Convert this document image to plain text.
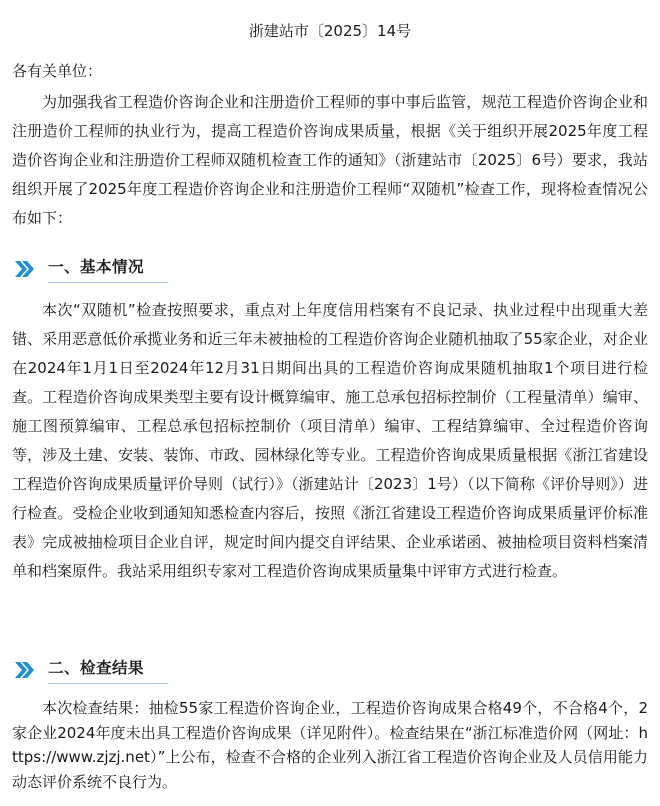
浙建站市〔2025〕14号
各有关单位：

为加强我省工程造价咨询企业和注册造价工程师的事中事后监管，规范工程造价咨询企业和注册造价工程师的执业行为，提高工程造价咨询成果质量，根据《关于组织开展2025年度工程造价咨询企业和注册造价工程师双随机检查工作的通知》（浙建站市〔2025〕6号）要求，我站组织开展了2025年度工程造价咨询企业和注册造价工程师“双随机”检查工作，现将检查情况公布如下：

一、基本情况

本次“双随机”检查按照要求，重点对上年度信用档案有不良记录、执业过程中出现重大差错、采用恶意低价承揽业务和近三年未被抽检的工程造价咨询企业随机抽取了55家企业，对企业在2024年1月1日至2024年12月31日期间出具的工程造价咨询成果随机抽取1个项目进行检查。工程造价咨询成果类型主要有设计概算编审、施工总承包招标控制价（工程量清单）编审、施工图预算编审、工程总承包招标控制价（项目清单）编审、工程结算编审、全过程造价咨询等，涉及土建、安装、装饰、市政、园林绿化等专业。工程造价咨询成果质量根据《浙江省建设工程造价咨询成果质量评价导则（试行）》（浙建站计〔2023〕1号）（以下简称《评价导则》）进行检查。受检企业收到通知知悉检查内容后，按照《浙江省建设工程造价咨询成果质量评价标准表》完成被抽检项目企业自评，规定时间内提交自评结果、企业承诺函、被抽检项目资料档案清单和档案原件。我站采用组织专家对工程造价咨询成果质量集中评审方式进行检查。

二、检查结果

本次检查结果：抽检55家工程造价咨询企业，工程造价咨询成果合格49个，不合格4个，2家企业2024年度未出具工程造价咨询成果（详见附件）。检查结果在“浙江标准造价网（网址：https://www.zjzj.net）”上公布，检查不合格的企业列入浙江省工程造价咨询企业及人员信用能力动态评价系统不良行为。
